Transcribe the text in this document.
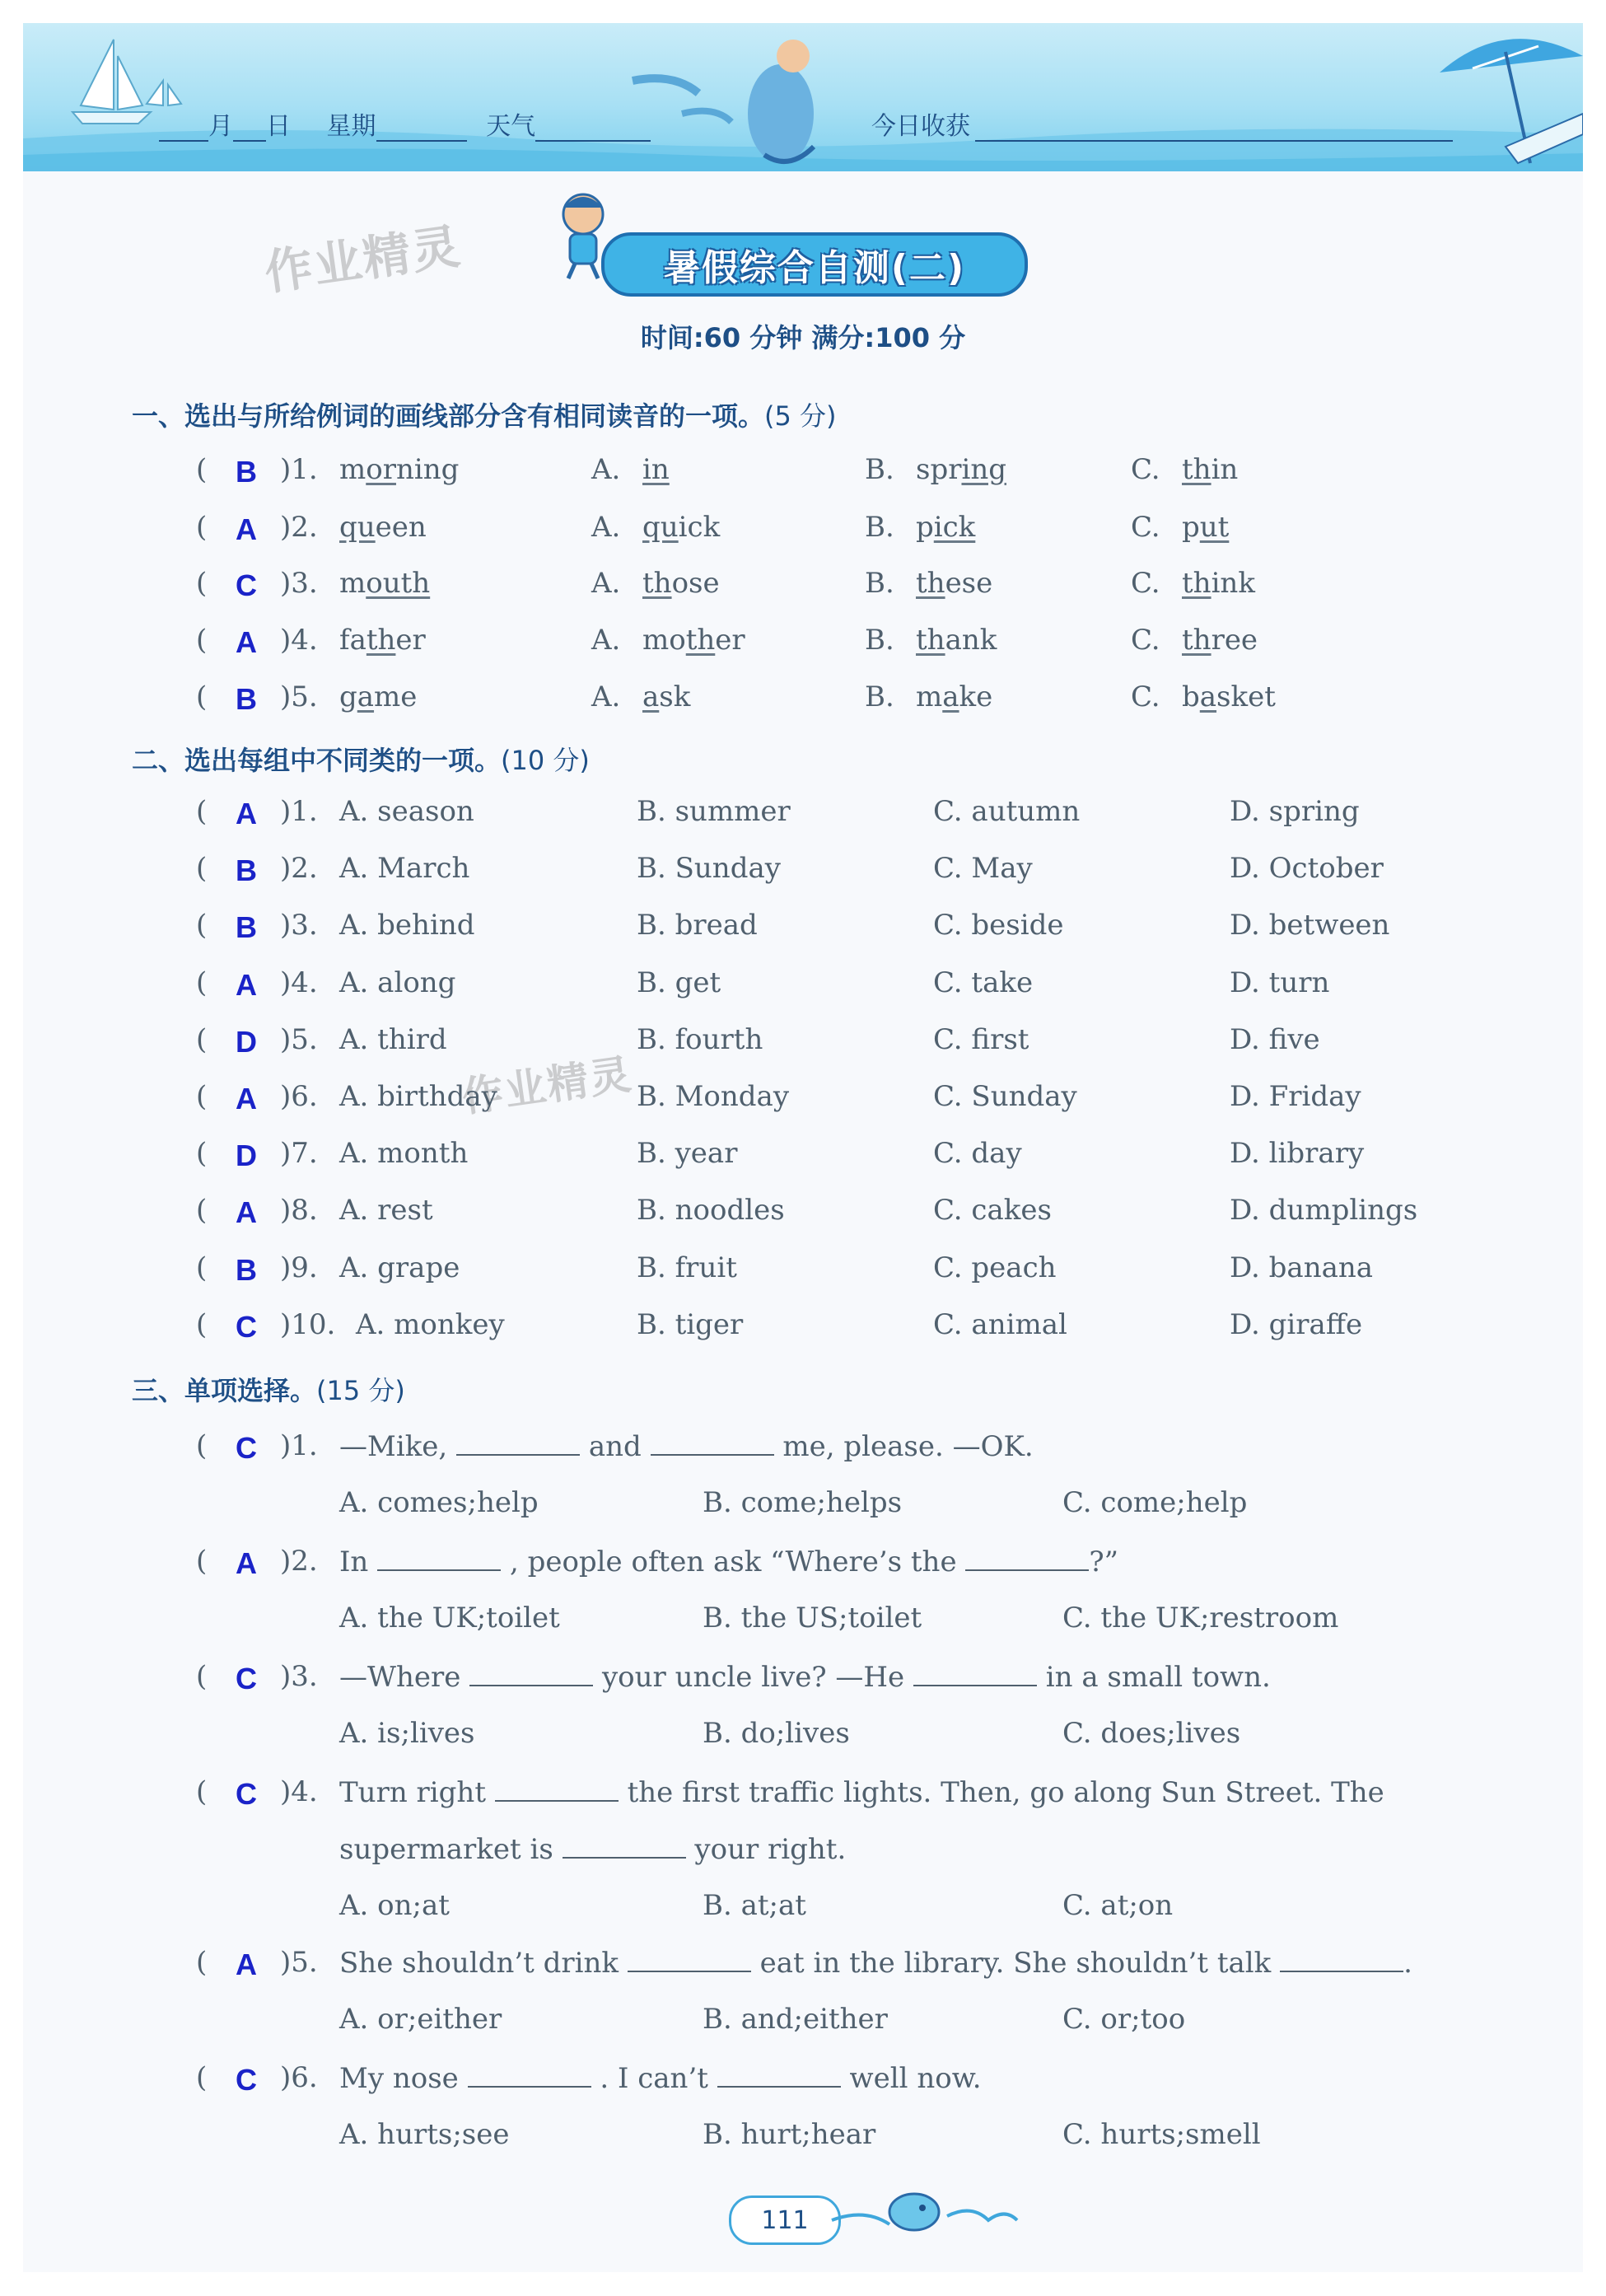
月 日 星期	天气	今日收获
作业精灵
作业精灵
暑假综合自测(二)
时间:60 分钟 满分:100 分
一、选出与所给例词的画线部分含有相同读音的一项。(5 分)
二、选出每组中不同类的一项。(10 分)
三、单项选择。(15 分)
111
( B )1. morning	A. in	B. spring	C. thin
( A )2. queen	A. quick	B. pick	C. put
( C )3. mouth	A. those	B. these	C. think
( A )4. father	A. mother	B. thank	C. three
( B )5. game	A. ask	B. make	C. basket
( A )1. A. season	B. summer	C. autumn	D. spring
( B )2. A. March	B. Sunday	C. May	D. October
( B )3. A. behind	B. bread	C. beside	D. between
( A )4. A. along	B. get	C. take	D. turn
( D )5. A. third	B. fourth	C. first	D. five
( A )6. A. birthday	B. Monday	C. Sunday	D. Friday
( D )7. A. month	B. year	C. day	D. library
( A )8. A. rest	B. noodles	C. cakes	D. dumplings
( B )9. A. grape	B. fruit	C. peach	D. banana
( C )10. A. monkey	B. tiger	C. animal	D. giraffe
( C )1. —Mike,	and	me, please. —OK.
A. comes;help	B. come;helps	C. come;help
( A )2. In	, people often ask “Where’s the	?”
A. the UK;toilet	B. the US;toilet	C. the UK;restroom
( C )3. —Where	your uncle live? —He	in a small town.
A. is;lives	B. do;lives	C. does;lives
( C )4. Turn right	the first traffic lights. Then, go along Sun Street. The
supermarket is	your right.
A. on;at	B. at;at	C. at;on
( A )5. She shouldn’t drink	eat in the library. She shouldn’t talk	.
A. or;either	B. and;either	C. or;too
( C )6. My nose	. I can’t	well now.
A. hurts;see	B. hurt;hear	C. hurts;smell
